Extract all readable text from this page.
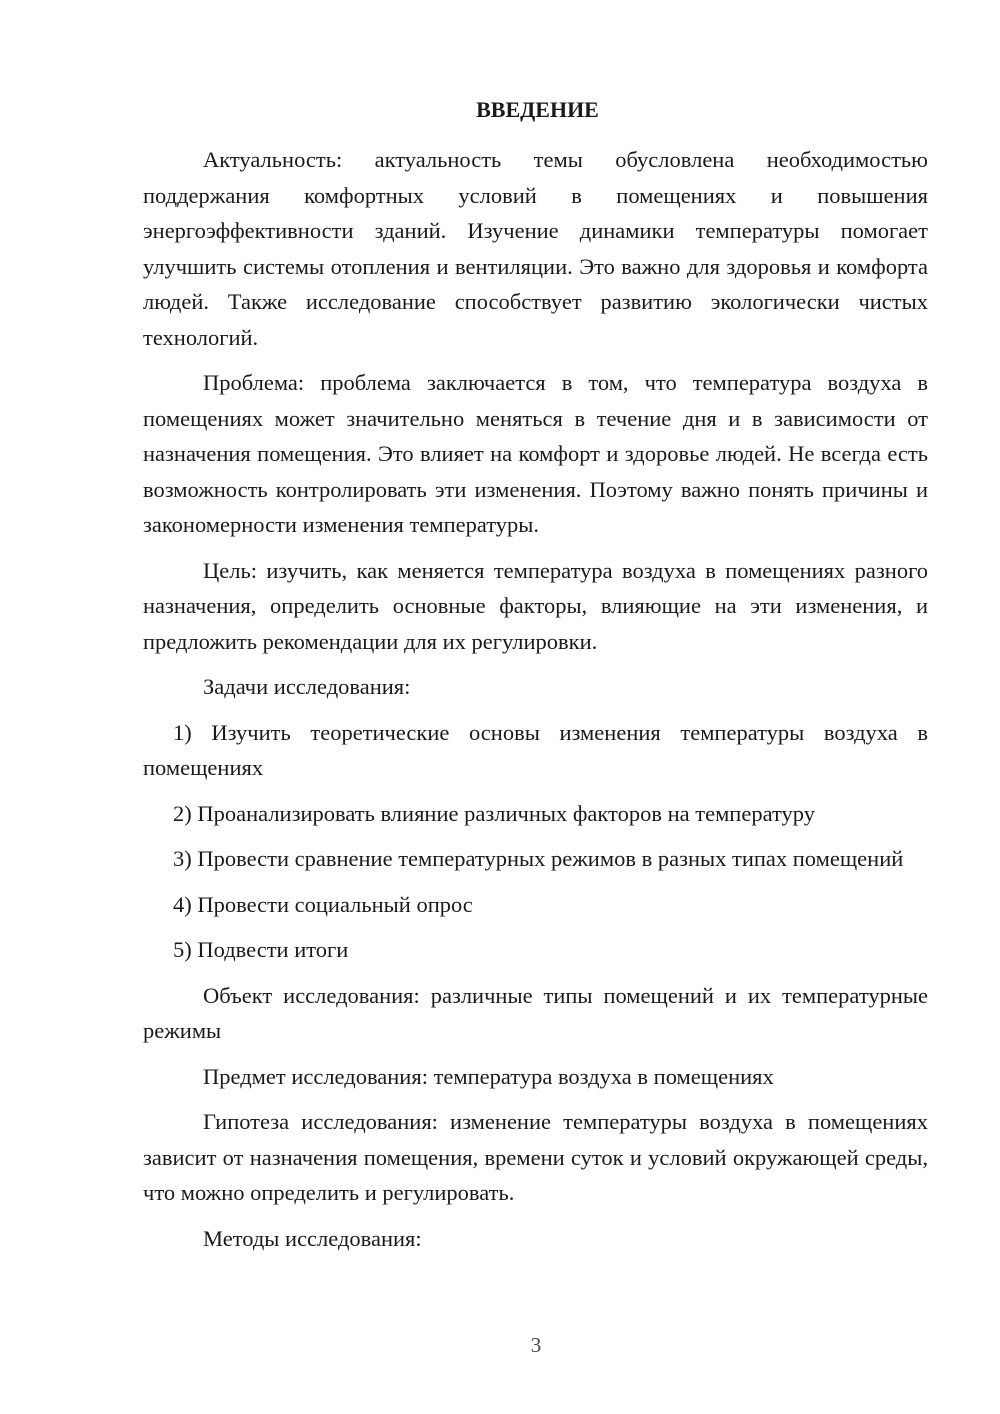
ВВЕДЕНИЕ

Актуальность: актуальность темы обусловлена необходимостью поддержания комфортных условий в помещениях и повышения энергоэффективности зданий. Изучение динамики температуры помогает улучшить системы отопления и вентиляции. Это важно для здоровья и комфорта людей. Также исследование способствует развитию экологически чистых технологий.

Проблема: проблема заключается в том, что температура воздуха в помещениях может значительно меняться в течение дня и в зависимости от назначения помещения. Это влияет на комфорт и здоровье людей. Не всегда есть возможность контролировать эти изменения. Поэтому важно понять причины и закономерности изменения температуры.

Цель: изучить, как меняется температура воздуха в помещениях разного назначения, определить основные факторы, влияющие на эти изменения, и предложить рекомендации для их регулировки.

Задачи исследования:

1) Изучить теоретические основы изменения температуры воздуха в помещениях

2) Проанализировать влияние различных факторов на температуру

3) Провести сравнение температурных режимов в разных типах помещений

4) Провести социальный опрос

5) Подвести итоги

Объект исследования: различные типы помещений и их температурные режимы

Предмет исследования: температура воздуха в помещениях

Гипотеза исследования: изменение температуры воздуха в помещениях зависит от назначения помещения, времени суток и условий окружающей среды, что можно определить и регулировать.

Методы исследования:

3
